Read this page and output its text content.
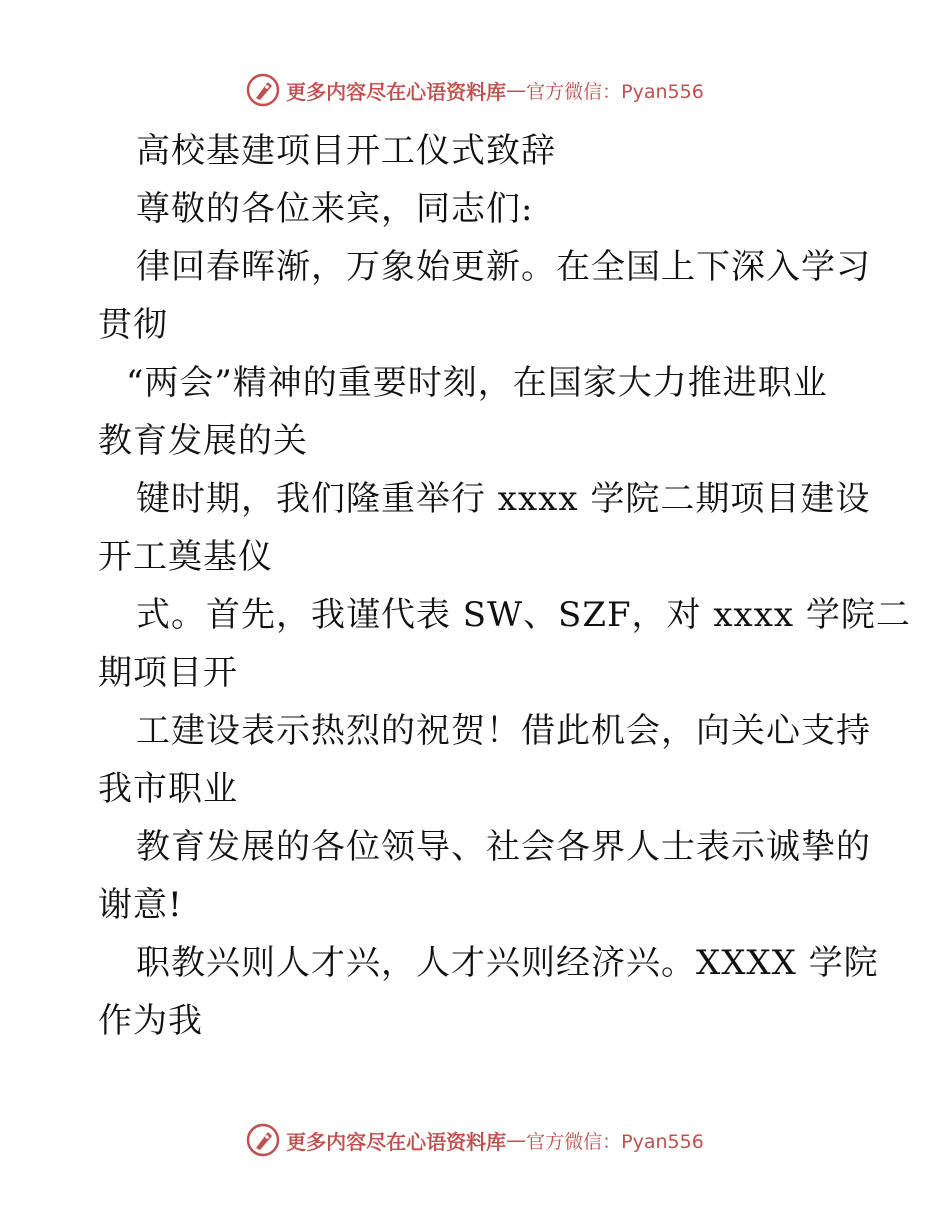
更多内容尽在心语资料库 — 官方微信：Pyan556
高校基建项目开工仪式致辞
尊敬的各位来宾，同志们:
律回春晖渐，万象始更新。在全国上下深入学习
贯彻
“两会”精神的重要时刻，在国家大力推进职业
教育发展的关
键时期，我们隆重举行 xxxx 学院二期项目建设
开工奠基仪
式。首先，我谨代表 SW、SZF，对 xxxx 学院二
期项目开
工建设表示热烈的祝贺！借此机会，向关心支持
我市职业
教育发展的各位领导、社会各界人士表示诚挚的
谢意!
职教兴则人才兴，人才兴则经济兴。XXXX 学院
作为我
更多内容尽在心语资料库 — 官方微信：Pyan556
